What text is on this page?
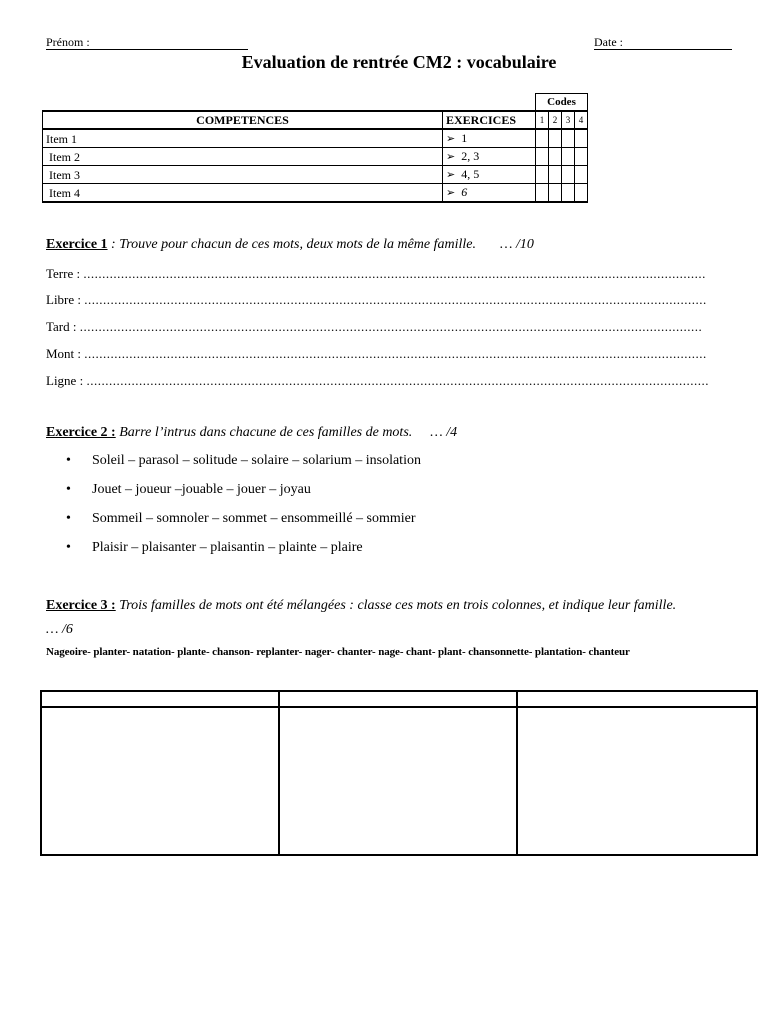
Prénom :	Date :
Evaluation de rentrée CM2 : vocabulaire
		Codes			
COMPETENCES	EXERCICES	1	2	3	4
Item 1	➢ 1				
Item 2	➢ 2, 3				
Item 3	➢ 4, 5				
Item 4	➢ 6				
Exercice 1 : Trouve pour chacun de ces mots, deux mots de la même famille. … /10
Terre : ......................................................................................................................................................................
Libre : ......................................................................................................................................................................
Tard : ......................................................................................................................................................................
Mont : ......................................................................................................................................................................
Ligne : ......................................................................................................................................................................
Exercice 2 : Barre l’intrus dans chacune de ces familles de mots. … /4
• Soleil – parasol – solitude – solaire – solarium – insolation
• Jouet – joueur –jouable – jouer – joyau
• Sommeil – somnoler – sommet – ensommeillé – sommier
• Plaisir – plaisanter – plaisantin – plainte – plaire
Exercice 3 : Trois familles de mots ont été mélangées : classe ces mots en trois colonnes, et indique leur famille.
… /6
Nageoire- planter- natation- plante- chanson- replanter- nager- chanter- nage- chant- plant- chansonnette- plantation- chanteur
